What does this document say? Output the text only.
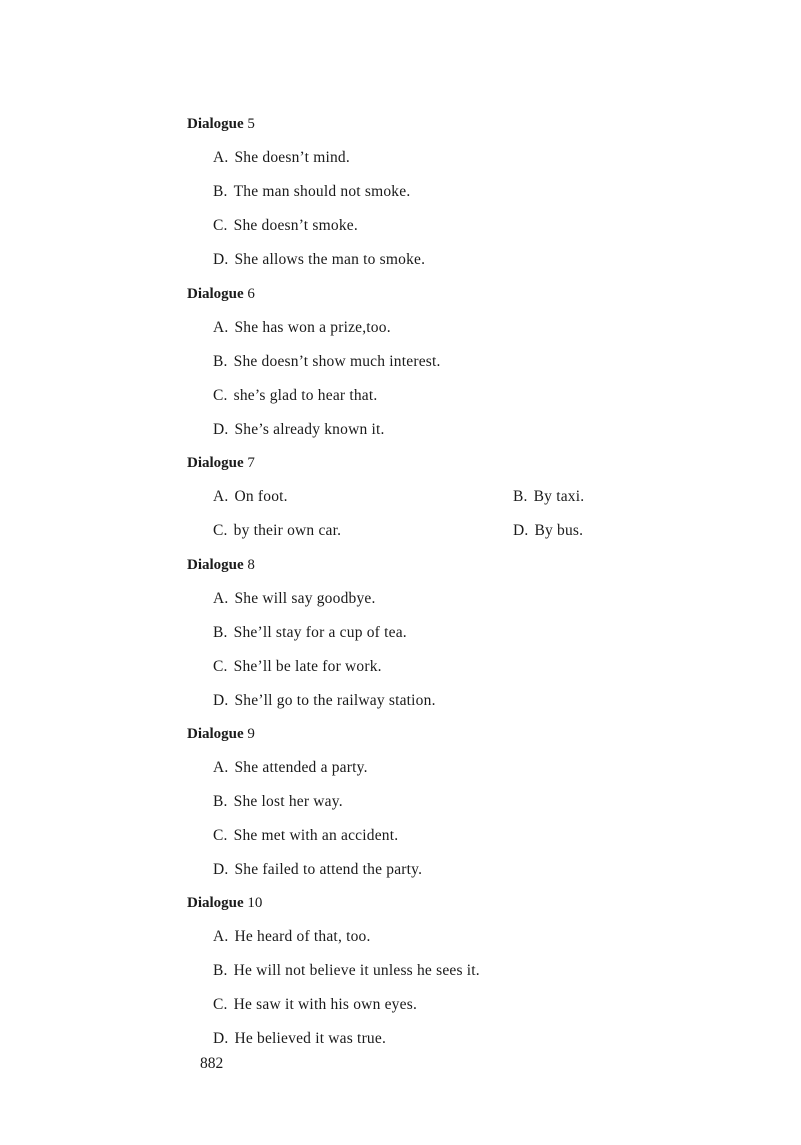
Dialogue 5
A. She doesn’t mind.
B. The man should not smoke.
C. She doesn’t smoke.
D. She allows the man to smoke.
Dialogue 6
A. She has won a prize,too.
B. She doesn’t show much interest.
C. she’s glad to hear that.
D. She’s already known it.
Dialogue 7
A. On foot.	B. By taxi.
C. by their own car.	D. By bus.
Dialogue 8
A. She will say goodbye.
B. She’ll stay for a cup of tea.
C. She’ll be late for work.
D. She’ll go to the railway station.
Dialogue 9
A. She attended a party.
B. She lost her way.
C. She met with an accident.
D. She failed to attend the party.
Dialogue 10
A. He heard of that, too.
B. He will not believe it unless he sees it.
C. He saw it with his own eyes.
D. He believed it was true.
882
